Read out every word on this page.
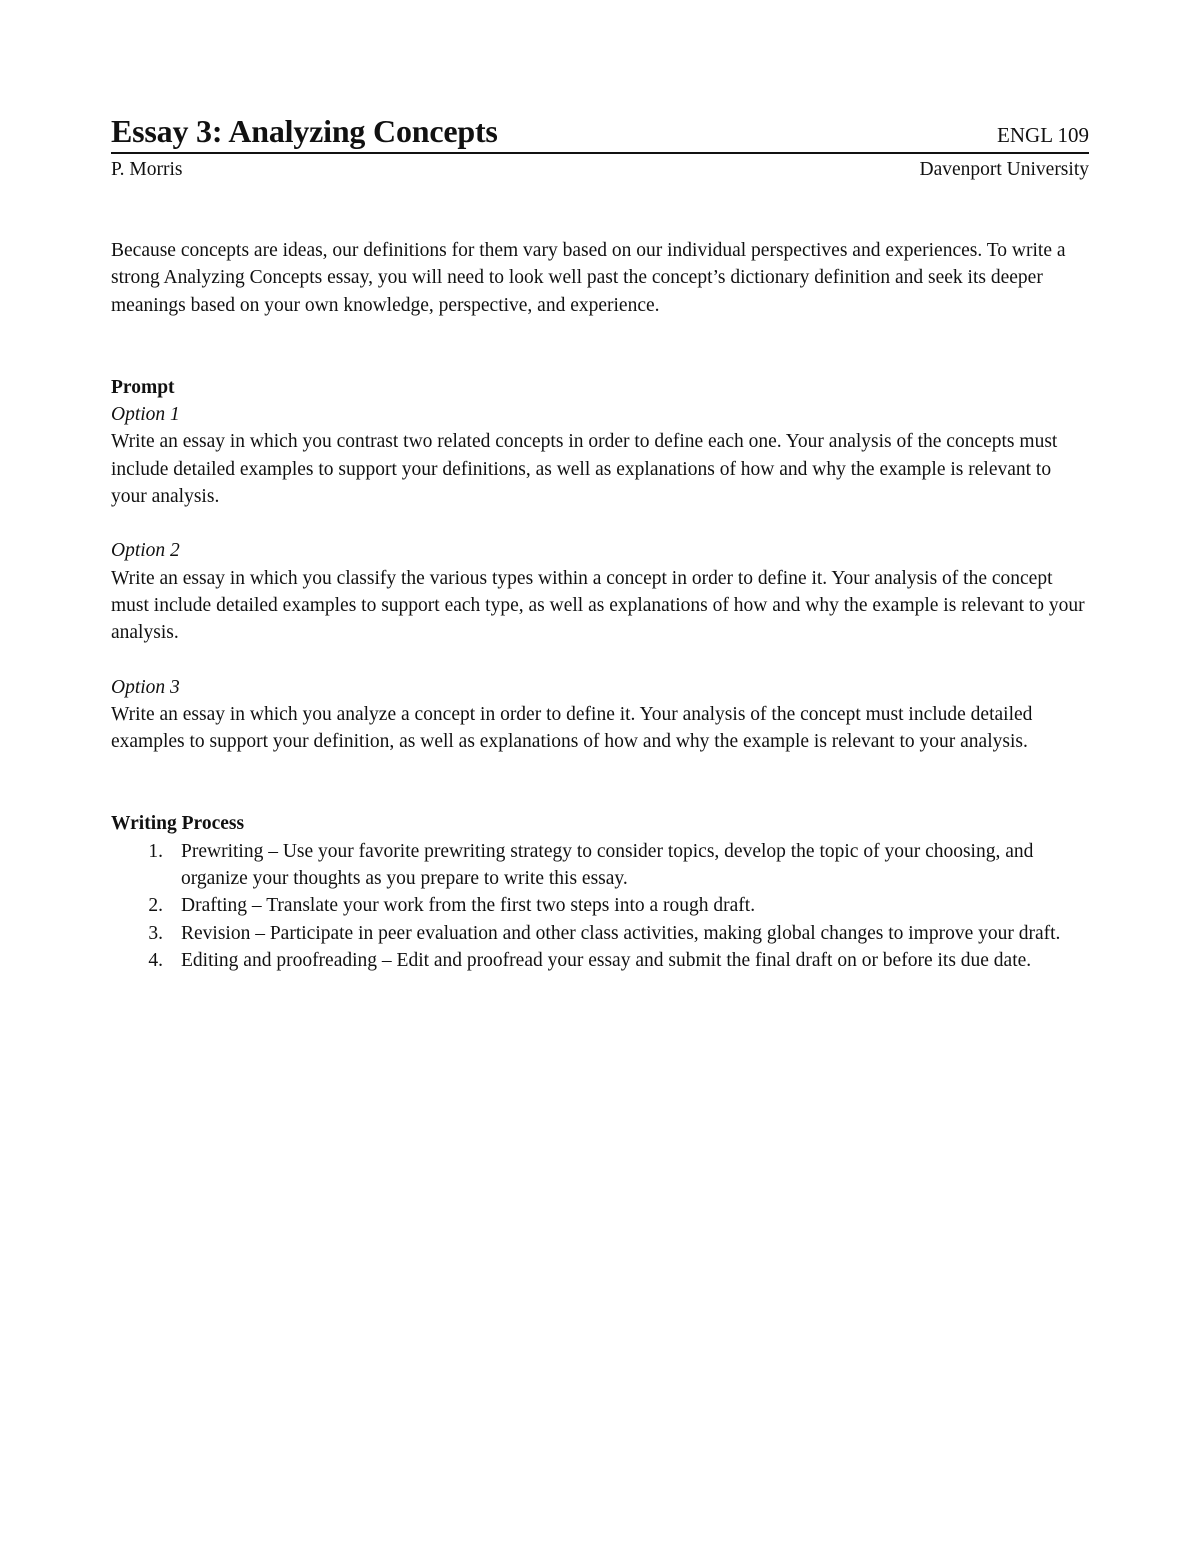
Essay 3: Analyzing Concepts	ENGL 109
P. Morris	Davenport University

Because concepts are ideas, our definitions for them vary based on our individual perspectives and experiences. To write a strong Analyzing Concepts essay, you will need to look well past the concept’s dictionary definition and seek its deeper meanings based on your own knowledge, perspective, and experience.

Prompt

Option 1

Write an essay in which you contrast two related concepts in order to define each one. Your analysis of the concepts must include detailed examples to support your definitions, as well as explanations of how and why the example is relevant to your analysis.

Option 2

Write an essay in which you classify the various types within a concept in order to define it. Your analysis of the concept must include detailed examples to support each type, as well as explanations of how and why the example is relevant to your analysis.

Option 3

Write an essay in which you analyze a concept in order to define it. Your analysis of the concept must include detailed examples to support your definition, as well as explanations of how and why the example is relevant to your analysis.

Writing Process

1. Prewriting – Use your favorite prewriting strategy to consider topics, develop the topic of your choosing, and organize your thoughts as you prepare to write this essay.
2. Drafting – Translate your work from the first two steps into a rough draft.
3. Revision – Participate in peer evaluation and other class activities, making global changes to improve your draft.
4. Editing and proofreading – Edit and proofread your essay and submit the final draft on or before its due date.
